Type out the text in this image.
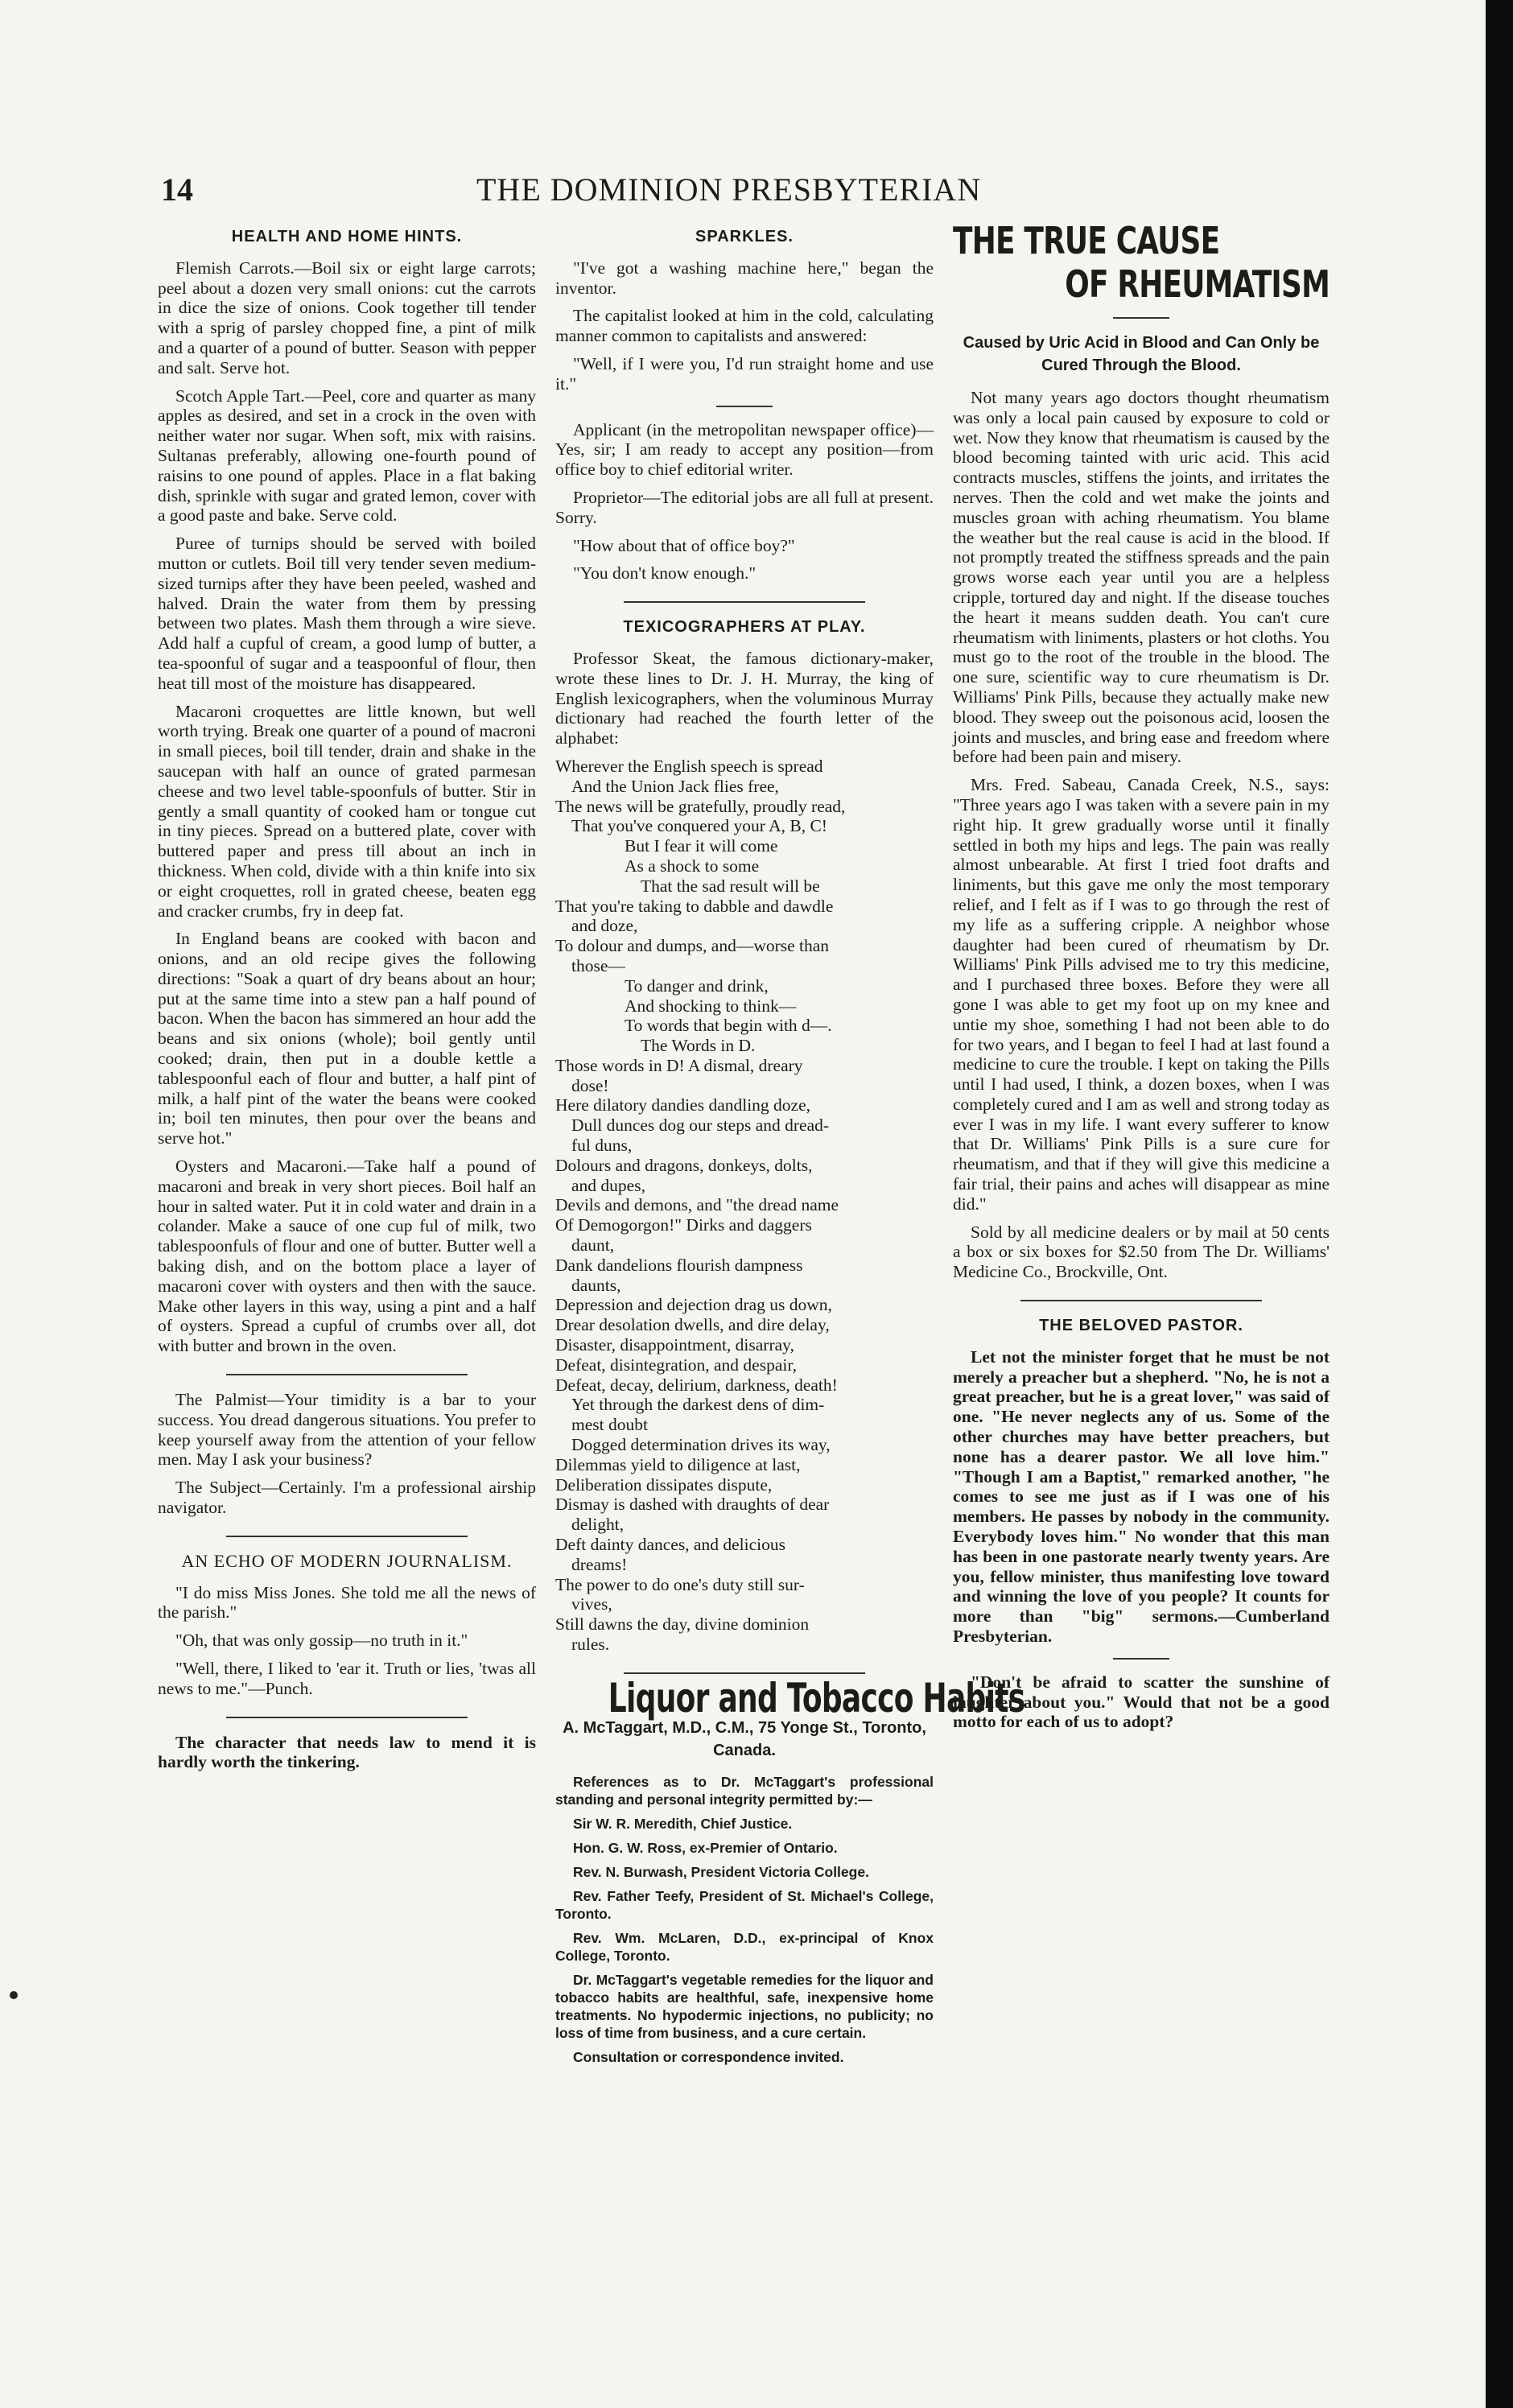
14	THE DOMINION PRESBYTERIAN
HEALTH AND HOME HINTS.

Flemish Carrots.—Boil six or eight large carrots; peel about a dozen very small onions: cut the carrots in dice the size of onions. Cook together till tender with a sprig of parsley chopped fine, a pint of milk and a quarter of a pound of butter. Season with pepper and salt. Serve hot.

Scotch Apple Tart.—Peel, core and quarter as many apples as desired, and set in a crock in the oven with neither water nor sugar. When soft, mix with raisins. Sultanas preferably, allowing one-fourth pound of raisins to one pound of apples. Place in a flat baking dish, sprinkle with sugar and grated lemon, cover with a good paste and bake. Serve cold.

Puree of turnips should be served with boiled mutton or cutlets. Boil till very tender seven medium-sized turnips after they have been peeled, washed and halved. Drain the water from them by pressing between two plates. Mash them through a wire sieve. Add half a cupful of cream, a good lump of butter, a tea-spoonful of sugar and a teaspoonful of flour, then heat till most of the moisture has disappeared.

Macaroni croquettes are little known, but well worth trying. Break one quarter of a pound of macroni in small pieces, boil till tender, drain and shake in the saucepan with half an ounce of grated parmesan cheese and two level table-spoonfuls of butter. Stir in gently a small quantity of cooked ham or tongue cut in tiny pieces. Spread on a buttered plate, cover with buttered paper and press till about an inch in thickness. When cold, divide with a thin knife into six or eight croquettes, roll in grated cheese, beaten egg and cracker crumbs, fry in deep fat.

In England beans are cooked with bacon and onions, and an old recipe gives the following directions: "Soak a quart of dry beans about an hour; put at the same time into a stew pan a half pound of bacon. When the bacon has simmered an hour add the beans and six onions (whole); boil gently until cooked; drain, then put in a double kettle a tablespoonful each of flour and butter, a half pint of milk, a half pint of the water the beans were cooked in; boil ten minutes, then pour over the beans and serve hot."

Oysters and Macaroni.—Take half a pound of macaroni and break in very short pieces. Boil half an hour in salted water. Put it in cold water and drain in a colander. Make a sauce of one cup ful of milk, two tablespoonfuls of flour and one of butter. Butter well a baking dish, and on the bottom place a layer of macaroni cover with oysters and then with the sauce. Make other layers in this way, using a pint and a half of oysters. Spread a cupful of crumbs over all, dot with butter and brown in the oven.

The Palmist—Your timidity is a bar to your success. You dread dangerous situations. You prefer to keep yourself away from the attention of your fellow men. May I ask your business?

The Subject—Certainly. I'm a professional airship navigator.

AN ECHO OF MODERN JOURNALISM.

"I do miss Miss Jones. She told me all the news of the parish."

"Oh, that was only gossip—no truth in it."

"Well, there, I liked to 'ear it. Truth or lies, 'twas all news to me."—Punch.

The character that needs law to mend it is hardly worth the tinkering.

SPARKLES.

"I've got a washing machine here," began the inventor.

The capitalist looked at him in the cold, calculating manner common to capitalists and answered:

"Well, if I were you, I'd run straight home and use it."

Applicant (in the metropolitan newspaper office)—Yes, sir; I am ready to accept any position—from office boy to chief editorial writer.

Proprietor—The editorial jobs are all full at present. Sorry.

"How about that of office boy?"

"You don't know enough."

TEXICOGRAPHERS AT PLAY.

Professor Skeat, the famous dictionary-maker, wrote these lines to Dr. J. H. Murray, the king of English lexicographers, when the voluminous Murray dictionary had reached the fourth letter of the alphabet:

Wherever the English speech is spread
And the Union Jack flies free,
The news will be gratefully, proudly read,
That you've conquered your A, B, C!
But I fear it will come
As a shock to some
That the sad result will be
That you're taking to dabble and dawdle
and doze,
To dolour and dumps, and—worse than
those—
To danger and drink,
And shocking to think—
To words that begin with d—.
The Words in D.
Those words in D! A dismal, dreary
dose!
Here dilatory dandies dandling doze,
Dull dunces dog our steps and dread-
ful duns,
Dolours and dragons, donkeys, dolts,
and dupes,
Devils and demons, and "the dread name
Of Demogorgon!" Dirks and daggers
daunt,
Dank dandelions flourish dampness
daunts,
Depression and dejection drag us down,
Drear desolation dwells, and dire delay,
Disaster, disappointment, disarray,
Defeat, disintegration, and despair,
Defeat, decay, delirium, darkness, death!
Yet through the darkest dens of dim-
mest doubt
Dogged determination drives its way,
Dilemmas yield to diligence at last,
Deliberation dissipates dispute,
Dismay is dashed with draughts of dear
delight,
Deft dainty dances, and delicious
dreams!
The power to do one's duty still sur-
vives,
Still dawns the day, divine dominion
rules.
Liquor and Tobacco Habits
A. McTaggart, M.D., C.M., 75 Yonge St., Toronto, Canada.

References as to Dr. McTaggart's professional standing and personal integrity permitted by:—

Sir W. R. Meredith, Chief Justice.

Hon. G. W. Ross, ex-Premier of Ontario.

Rev. N. Burwash, President Victoria College.

Rev. Father Teefy, President of St. Michael's College, Toronto.

Rev. Wm. McLaren, D.D., ex-principal of Knox College, Toronto.

Dr. McTaggart's vegetable remedies for the liquor and tobacco habits are healthful, safe, inexpensive home treatments. No hypodermic injections, no publicity; no loss of time from business, and a cure certain.

Consultation or correspondence invited.

THE TRUE CAUSE
OF RHEUMATISM
Caused by Uric Acid in Blood and Can Only be Cured Through the Blood.

Not many years ago doctors thought rheumatism was only a local pain caused by exposure to cold or wet. Now they know that rheumatism is caused by the blood becoming tainted with uric acid. This acid contracts muscles, stiffens the joints, and irritates the nerves. Then the cold and wet make the joints and muscles groan with aching rheumatism. You blame the weather but the real cause is acid in the blood. If not promptly treated the stiffness spreads and the pain grows worse each year until you are a helpless cripple, tortured day and night. If the disease touches the heart it means sudden death. You can't cure rheumatism with liniments, plasters or hot cloths. You must go to the root of the trouble in the blood. The one sure, scientific way to cure rheumatism is Dr. Williams' Pink Pills, because they actually make new blood. They sweep out the poisonous acid, loosen the joints and muscles, and bring ease and freedom where before had been pain and misery.

Mrs. Fred. Sabeau, Canada Creek, N.S., says: "Three years ago I was taken with a severe pain in my right hip. It grew gradually worse until it finally settled in both my hips and legs. The pain was really almost unbearable. At first I tried foot drafts and liniments, but this gave me only the most temporary relief, and I felt as if I was to go through the rest of my life as a suffering cripple. A neighbor whose daughter had been cured of rheumatism by Dr. Williams' Pink Pills advised me to try this medicine, and I purchased three boxes. Before they were all gone I was able to get my foot up on my knee and untie my shoe, something I had not been able to do for two years, and I began to feel I had at last found a medicine to cure the trouble. I kept on taking the Pills until I had used, I think, a dozen boxes, when I was completely cured and I am as well and strong today as ever I was in my life. I want every sufferer to know that Dr. Williams' Pink Pills is a sure cure for rheumatism, and that if they will give this medicine a fair trial, their pains and aches will disappear as mine did."

Sold by all medicine dealers or by mail at 50 cents a box or six boxes for $2.50 from The Dr. Williams' Medicine Co., Brockville, Ont.

THE BELOVED PASTOR.

Let not the minister forget that he must be not merely a preacher but a shepherd. "No, he is not a great preacher, but he is a great lover," was said of one. "He never neglects any of us. Some of the other churches may have better preachers, but none has a dearer pastor. We all love him." "Though I am a Baptist," remarked another, "he comes to see me just as if I was one of his members. He passes by nobody in the community. Everybody loves him." No wonder that this man has been in one pastorate nearly twenty years. Are you, fellow minister, thus manifesting love toward and winning the love of you people? It counts for more than "big" sermons.—Cumberland Presbyterian.

"Don't be afraid to scatter the sunshine of laughter about you." Would that not be a good motto for each of us to adopt?
